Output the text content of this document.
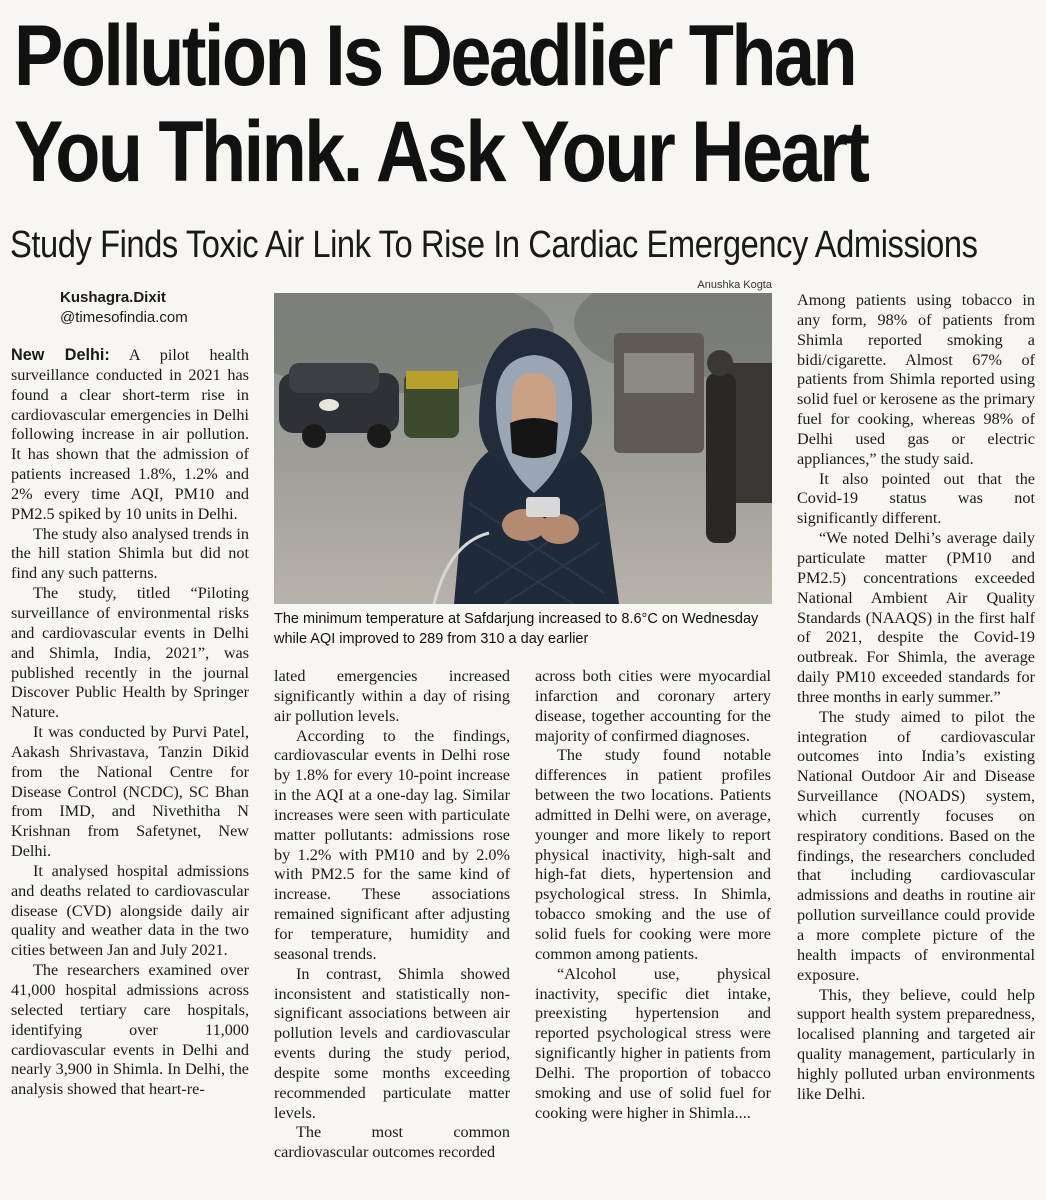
Pollution Is Deadlier Than
You Think. Ask Your Heart
Study Finds Toxic Air Link To Rise In Cardiac Emergency Admissions
Anushka Kogta
Kushagra.Dixit
@timesofindia.com
The minimum temperature at Safdarjung increased to 8.6°C on Wednesday while AQI improved to 289 from 310 a day earlier

New Delhi: A pilot health surveillance conducted in 2021 has found a clear short-term rise in cardiovascular emergencies in Delhi following increase in air pollution. It has shown that the admission of patients increased 1.8%, 1.2% and 2% every time AQI, PM10 and PM2.5 spiked by 10 units in Delhi.

The study also analysed trends in the hill station Shimla but did not find any such patterns.

The study, titled “Piloting surveillance of environmental risks and cardiovascular events in Delhi and Shimla, India, 2021”, was published recently in the journal Discover Public Health by Springer Nature.

It was conducted by Purvi Patel, Aakash Shrivastava, Tanzin Dikid from the National Centre for Disease Control (NCDC), SC Bhan from IMD, and Nivethitha N Krishnan from Safetynet, New Delhi.

It analysed hospital admissions and deaths related to cardiovascular disease (CVD) alongside daily air quality and weather data in the two cities between Jan and July 2021.

The researchers examined over 41,000 hospital admissions across selected tertiary care hospitals, identifying over 11,000 cardiovascular events in Delhi and nearly 3,900 in Shimla. In Delhi, the analysis showed that heart-re-

lated emergencies increased significantly within a day of rising air pollution levels.

According to the findings, cardiovascular events in Delhi rose by 1.8% for every 10-point increase in the AQI at a one-day lag. Similar increases were seen with particulate matter pollutants: admissions rose by 1.2% with PM10 and by 2.0% with PM2.5 for the same kind of increase. These associations remained significant after adjusting for temperature, humidity and seasonal trends.

In contrast, Shimla showed inconsistent and statistically non-significant associations between air pollution levels and cardiovascular events during the study period, despite some months exceeding recommended particulate matter levels.

The most common cardiovascular outcomes recorded

across both cities were myocardial infarction and coronary artery disease, together accounting for the majority of confirmed diagnoses.

The study found notable differences in patient profiles between the two locations. Patients admitted in Delhi were, on average, younger and more likely to report physical inactivity, high-salt and high-fat diets, hypertension and psychological stress. In Shimla, tobacco smoking and the use of solid fuels for cooking were more common among patients.

“Alcohol use, physical inactivity, specific diet intake, preexisting hypertension and reported psychological stress were significantly higher in patients from Delhi. The proportion of tobacco smoking and use of solid fuel for cooking were higher in Shimla....

Among patients using tobacco in any form, 98% of patients from Shimla reported smoking a bidi/cigarette. Almost 67% of patients from Shimla reported using solid fuel or kerosene as the primary fuel for cooking, whereas 98% of Delhi used gas or electric appliances,” the study said.

It also pointed out that the Covid-19 status was not significantly different.

“We noted Delhi’s average daily particulate matter (PM10 and PM2.5) concentrations exceeded National Ambient Air Quality Standards (NAAQS) in the first half of 2021, despite the Covid-19 outbreak. For Shimla, the average daily PM10 exceeded standards for three months in early summer.”

The study aimed to pilot the integration of cardiovascular outcomes into India’s existing National Outdoor Air and Disease Surveillance (NOADS) system, which currently focuses on respiratory conditions. Based on the findings, the researchers concluded that including cardiovascular admissions and deaths in routine air pollution surveillance could provide a more complete picture of the health impacts of environmental exposure.

This, they believe, could help support health system preparedness, localised planning and targeted air quality management, particularly in highly polluted urban environments like Delhi.
